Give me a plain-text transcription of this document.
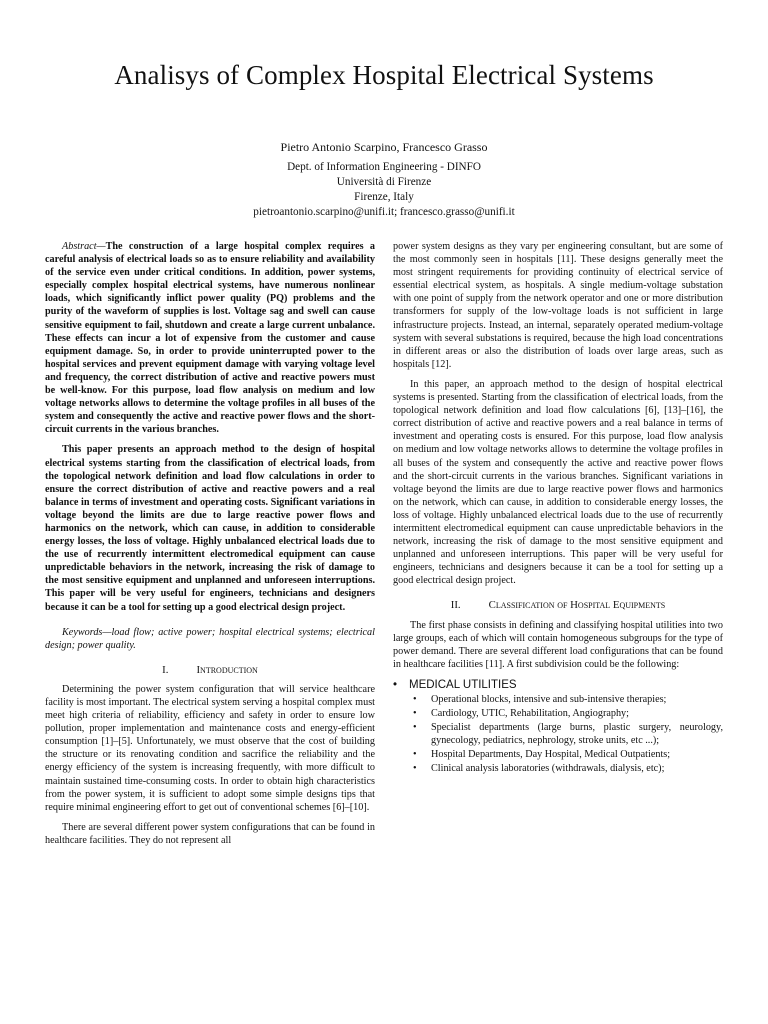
Analisys of Complex Hospital Electrical Systems
Pietro Antonio Scarpino, Francesco Grasso
Dept. of Information Engineering - DINFO
Università di Firenze
Firenze, Italy
pietroantonio.scarpino@unifi.it; francesco.grasso@unifi.it

Abstract—The construction of a large hospital complex requires a careful analysis of electrical loads so as to ensure reliability and availability of the service even under critical conditions. In addition, power systems, especially complex hospital electrical systems, have numerous nonlinear loads, which significantly inflict power quality (PQ) problems and the purity of the waveform of supplies is lost. Voltage sag and swell can cause sensitive equipment to fail, shutdown and create a large current unbalance. These effects can incur a lot of expensive from the customer and cause equipment damage. So, in order to provide uninterrupted power to the hospital services and prevent equipment damage with varying voltage level and frequency, the correct distribution of active and reactive powers must be well-know. For this purpose, load flow analysis on medium and low voltage networks allows to determine the voltage profiles in all buses of the system and consequently the active and reactive power flows and the short-circuit currents in the various branches.

This paper presents an approach method to the design of hospital electrical systems starting from the classification of electrical loads, from the topological network definition and load flow calculations in order to ensure the correct distribution of active and reactive powers and a real balance in terms of investment and operating costs. Significant variations in voltage beyond the limits are due to large reactive power flows and harmonics on the network, which can cause, in addition to considerable energy losses, the loss of voltage. Highly unbalanced electrical loads due to the use of recurrently intermittent electromedical equipment can cause unpredictable behaviors in the network, increasing the risk of damage to the most sensitive equipment and unplanned and unforeseen interruptions. This paper will be very useful for engineers, technicians and designers because it can be a tool for setting up a good electrical design project.

Keywords—load flow; active power; hospital electrical systems; electrical design; power quality.

I.	Introduction

Determining the power system configuration that will service healthcare facility is most important. The electrical system serving a hospital complex must meet high criteria of reliability, efficiency and safety in order to ensure low pollution, proper implementation and maintenance costs and energy-efficient consumption [1]–[5]. Unfortunately, we must observe that the cost of building the structure or its renovating condition and sacrifice the reliability and the energy efficiency of the system is increasing frequently, with more difficult to maintain sustained time-consuming costs. In order to obtain high characteristics from the power system, it is sufficient to adopt some simple designs tips that require minimal engineering effort to get out of conventional schemes [6]–[10].

There are several different power system configurations that can be found in healthcare facilities. They do not represent all

power system designs as they vary per engineering consultant, but are some of the most commonly seen in hospitals [11]. These designs generally meet the most stringent requirements for providing continuity of electrical service of essential electrical system, as hospitals. A single medium-voltage substation with one point of supply from the network operator and one or more distribution transformers for supply of the low-voltage loads is not sufficient in large infrastructure projects. Instead, an internal, separately operated medium-voltage system with several substations is required, because the high load concentrations in different areas or also the distribution of loads over large areas, such as hospitals [12].

In this paper, an approach method to the design of hospital electrical systems is presented. Starting from the classification of electrical loads, from the topological network definition and load flow calculations [6], [13]–[16], the correct distribution of active and reactive powers and a real balance in terms of investment and operating costs is ensured. For this purpose, load flow analysis on medium and low voltage networks allows to determine the voltage profiles in all buses of the system and consequently the active and reactive power flows and the short-circuit currents in the various branches. Significant variations in voltage beyond the limits are due to large reactive power flows and harmonics on the network, which can cause, in addition to considerable energy losses, the loss of voltage. Highly unbalanced electrical loads due to the use of recurrently intermittent electromedical equipment can cause unpredictable behaviors in the network, increasing the risk of damage to the most sensitive equipment and unplanned and unforeseen interruptions. This paper will be very useful for engineers, technicians and designers because it can be a tool for setting up a good electrical design project.

II.	Classification of Hospital Equipments

The first phase consists in defining and classifying hospital utilities into two large groups, each of which will contain homogeneous subgroups for the type of power demand. There are several different load configurations that can be found in healthcare facilities [11]. A first subdivision could be the following:

• MEDICAL UTILITIES
• Operational blocks, intensive and sub-intensive therapies;
• Cardiology, UTIC, Rehabilitation, Angiography;
• Specialist departments (large burns, plastic surgery, neurology, gynecology, pediatrics, nephrology, stroke units, etc ...);
• Hospital Departments, Day Hospital, Medical Outpatients;
• Clinical analysis laboratories (withdrawals, dialysis, etc);
